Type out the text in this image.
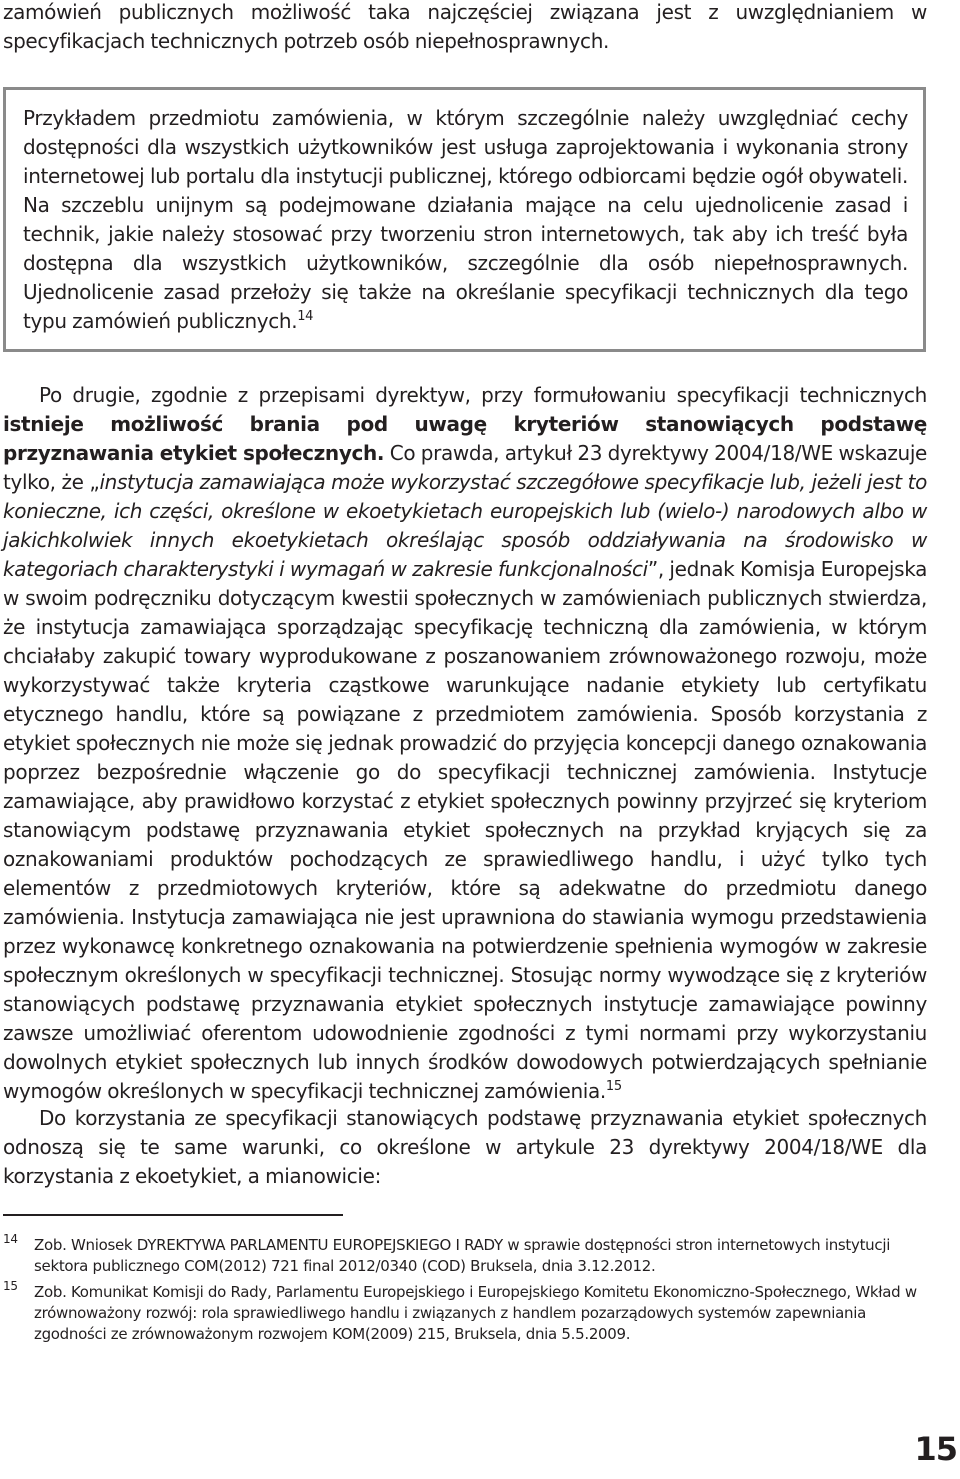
zamówień publicznych możliwość taka najczęściej związana jest z uwzględnianiem w specyfikacjach technicznych potrzeb osób niepełnosprawnych.

Przykładem przedmiotu zamówienia, w którym szczególnie należy uwzględniać cechy dostępności dla wszystkich użytkowników jest usługa zaprojektowania i wykonania strony internetowej lub portalu dla instytucji publicznej, którego odbiorcami będzie ogół obywateli. Na szczeblu unijnym są podejmowane działania mające na celu ujednolicenie zasad i technik, jakie należy stosować przy tworzeniu stron internetowych, tak aby ich treść była dostępna dla wszystkich użytkowników, szczególnie dla osób niepełnosprawnych. Ujednolicenie zasad przełoży się także na określanie specyfikacji technicznych dla tego typu zamówień publicznych.$^{14}$

Po drugie, zgodnie z przepisami dyrektyw, przy formułowaniu specyfikacji technicznych istnieje możliwość brania pod uwagę kryteriów stanowiących podstawę przyznawania etykiet społecznych. Co prawda, artykuł 23 dyrektywy 2004/18/WE wskazuje tylko, że „instytucja zamawiająca może wykorzystać szczegółowe specyfikacje lub, jeżeli jest to konieczne, ich części, określone w ekoetykietach europejskich lub (wielo-) narodowych albo w jakichkolwiek innych ekoetykietach określając sposób oddziaływania na środowisko w kategoriach charakterystyki i wymagań w zakresie funkcjonalności”, jednak Komisja Europejska w swoim podręczniku dotyczącym kwestii społecznych w zamówieniach publicznych stwierdza, że instytucja zamawiająca sporządzając specyfikację techniczną dla zamówienia, w którym chciałaby zakupić towary wyprodukowane z poszanowaniem zrównoważonego rozwoju, może wykorzystywać także kryteria cząstkowe warunkujące nadanie etykiety lub certyfikatu etycznego handlu, które są powiązane z przedmiotem zamówienia. Sposób korzystania z etykiet społecznych nie może się jednak prowadzić do przyjęcia koncepcji danego oznakowania poprzez bezpośrednie włączenie go do specyfikacji technicznej zamówienia. Instytucje zamawiające, aby prawidłowo korzystać z etykiet społecznych powinny przyjrzeć się kryteriom stanowiącym podstawę przyznawania etykiet społecznych na przykład kryjących się za oznakowaniami produktów pochodzących ze sprawiedliwego handlu, i użyć tylko tych elementów z przedmiotowych kryteriów, które są adekwatne do przedmiotu danego zamówienia. Instytucja zamawiająca nie jest uprawniona do stawiania wymogu przedstawienia przez wykonawcę konkretnego oznakowania na potwierdzenie spełnienia wymogów w zakresie społecznym określonych w specyfikacji technicznej. Stosując normy wywodzące się z kryteriów stanowiących podstawę przyznawania etykiet społecznych instytucje zamawiające powinny zawsze umożliwiać oferentom udowodnienie zgodności z tymi normami przy wykorzystaniu dowolnych etykiet społecznych lub innych środków dowodowych potwierdzających spełnianie wymogów określonych w specyfikacji technicznej zamówienia.$^{15}$

Do korzystania ze specyfikacji stanowiących podstawę przyznawania etykiet społecznych odnoszą się te same warunki, co określone w artykule 23 dyrektywy 2004/18/WE dla korzystania z ekoetykiet, a mianowicie:

14 Zob. Wniosek DYREKTYWA PARLAMENTU EUROPEJSKIEGO I RADY w sprawie dostępności stron internetowych instytucji sektora publicznego COM(2012) 721 final 2012/0340 (COD) Bruksela, dnia 3.12.2012.
15 Zob. Komunikat Komisji do Rady, Parlamentu Europejskiego i Europejskiego Komitetu Ekonomiczno-Społecznego, Wkład w zrównoważony rozwój: rola sprawiedliwego handlu i związanych z handlem pozarządowych systemów zapewniania zgodności ze zrównoważonym rozwojem KOM(2009) 215, Bruksela, dnia 5.5.2009.
15
